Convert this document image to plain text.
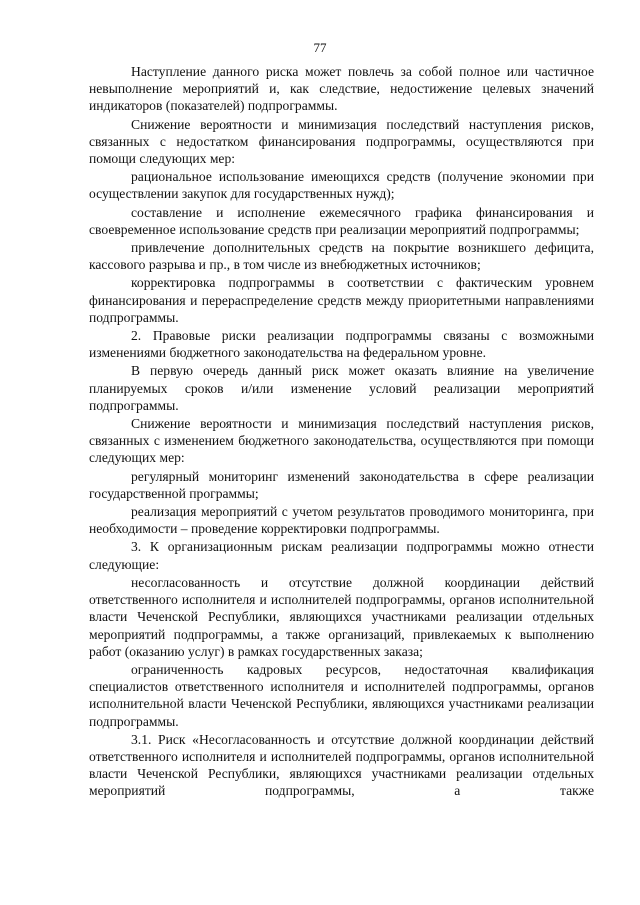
77

Наступление данного риска может повлечь за собой полное или частичное невыполнение мероприятий и, как следствие, недостижение целевых значений индикаторов (показателей) подпрограммы.

Снижение вероятности и минимизация последствий наступления рисков, связанных с недостатком финансирования подпрограммы, осуществляются при помощи следующих мер:

рациональное использование имеющихся средств (получение экономии при осуществлении закупок для государственных нужд);

составление и исполнение ежемесячного графика финансирования и своевременное использование средств при реализации мероприятий подпрограммы;

привлечение дополнительных средств на покрытие возникшего дефицита, кассового разрыва и пр., в том числе из внебюджетных источников;

корректировка подпрограммы в соответствии с фактическим уровнем финансирования и перераспределение средств между приоритетными направлениями подпрограммы.

2. Правовые риски реализации подпрограммы связаны с возможными изменениями бюджетного законодательства на федеральном уровне.

В первую очередь данный риск может оказать влияние на увеличение планируемых сроков и/или изменение условий реализации мероприятий подпрограммы.

Снижение вероятности и минимизация последствий наступления рисков, связанных с изменением бюджетного законодательства, осуществляются при помощи следующих мер:

регулярный мониторинг изменений законодательства в сфере реализации государственной программы;

реализация мероприятий с учетом результатов проводимого мониторинга, при необходимости – проведение корректировки подпрограммы.

3. К организационным рискам реализации подпрограммы можно отнести следующие:

несогласованность и отсутствие должной координации действий ответственного исполнителя и исполнителей подпрограммы, органов исполнительной власти Чеченской Республики, являющихся участниками реализации отдельных мероприятий подпрограммы, а также организаций, привлекаемых к выполнению работ (оказанию услуг) в рамках государственных заказа;

ограниченность кадровых ресурсов, недостаточная квалификация специалистов ответственного исполнителя и исполнителей подпрограммы, органов исполнительной власти Чеченской Республики, являющихся участниками реализации подпрограммы.

3.1. Риск «Несогласованность и отсутствие должной координации действий ответственного исполнителя и исполнителей подпрограммы, органов исполнительной власти Чеченской Республики, являющихся участниками реализации отдельных мероприятий подпрограммы, а также
